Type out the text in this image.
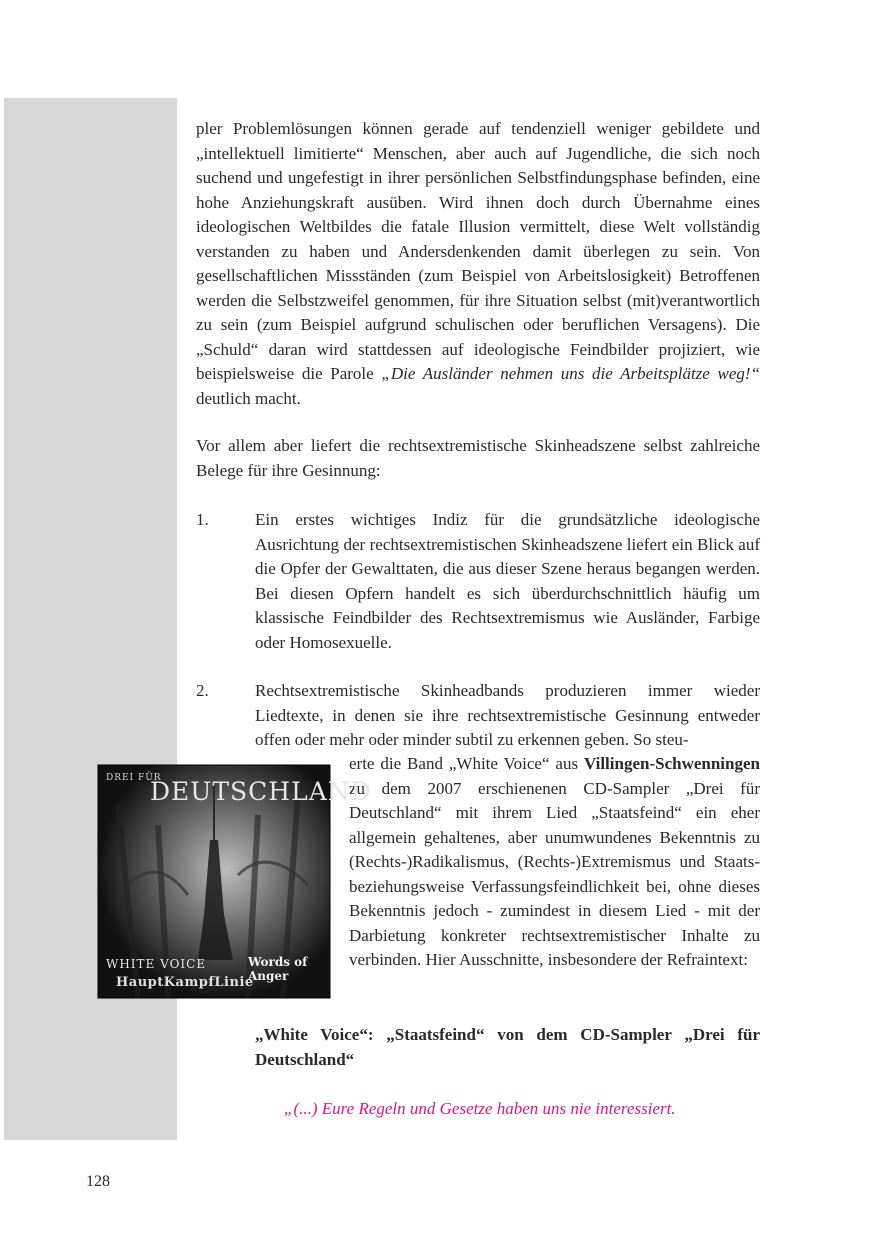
pler Problemlösungen können gerade auf tendenziell weniger gebildete und „intellektuell limitierte“ Menschen, aber auch auf Jugendliche, die sich noch suchend und ungefestigt in ihrer persönlichen Selbstfindungsphase befinden, eine hohe Anziehungskraft ausüben. Wird ihnen doch durch Übernahme eines ideologischen Weltbildes die fatale Illusion vermittelt, diese Welt vollständig verstanden zu haben und Andersdenkenden damit überlegen zu sein. Von gesellschaftlichen Missständen (zum Beispiel von Arbeitslosigkeit) Betroffenen werden die Selbstzweifel genommen, für ihre Situation selbst (mit)verantwortlich zu sein (zum Beispiel aufgrund schulischen oder beruflichen Versagens). Die „Schuld“ daran wird stattdessen auf ideologische Feindbilder projiziert, wie beispielsweise die Parole „Die Ausländer nehmen uns die Arbeitsplätze weg!“ deutlich macht.
Vor allem aber liefert die rechtsextremistische Skinheadszene selbst zahlreiche Belege für ihre Gesinnung:
1.	Ein erstes wichtiges Indiz für die grundsätzliche ideologische Ausrichtung der rechtsextremistischen Skinheadszene liefert ein Blick auf die Opfer der Gewalttaten, die aus dieser Szene heraus begangen werden. Bei diesen Opfern handelt es sich überdurchschnittlich häufig um klassische Feindbilder des Rechtsextremismus wie Ausländer, Farbige oder Homosexuelle.
2.	Rechtsextremistische Skinheadbands produzieren immer wieder Liedtexte, in denen sie ihre rechtsextremistische Gesinnung entweder offen oder mehr oder minder subtil zu erkennen geben. So steu-
erte die Band „White Voice“ aus Villingen-Schwenningen zu dem 2007 erschienenen CD-Sampler „Drei für Deutschland“ mit ihrem Lied „Staatsfeind“ ein eher allgemein gehaltenes, aber unumwundenes Bekenntnis zu (Rechts-)Radikalismus, (Rechts-)Extremismus und Staats- beziehungsweise Verfassungsfeindlichkeit bei, ohne dieses Bekenntnis jedoch - zumindest in diesem Lied - mit der Darbietung konkreter rechtsextremistischer Inhalte zu verbinden. Hier Ausschnitte, insbesondere der Refraintext:
DREI FÜR
DEUTSCHLAND
WHITE VOICE	Words of Anger
HauptKampfLinie
„White Voice“: „Staatsfeind“ von dem CD-Sampler „Drei für Deutschland“
„(...) Eure Regeln und Gesetze haben uns nie interessiert.
128
